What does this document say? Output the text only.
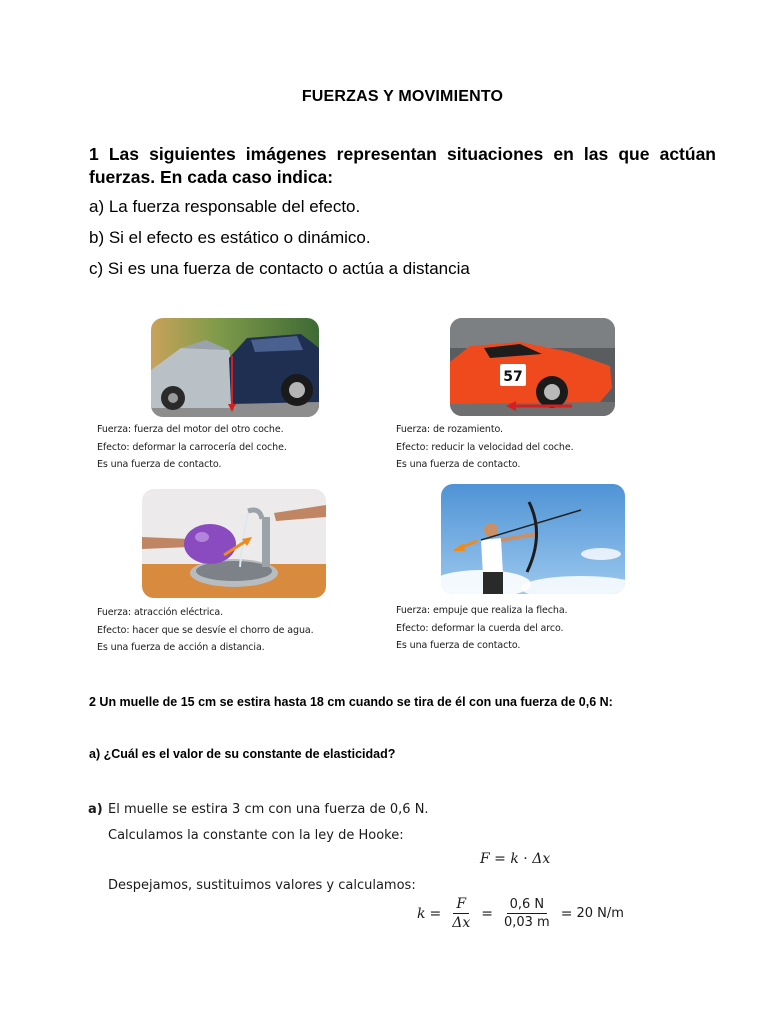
FUERZAS Y MOVIMIENTO
1 Las siguientes imágenes representan situaciones en las que actúan fuerzas. En cada caso indica:
a) La fuerza responsable del efecto.
b) Si el efecto es estático o dinámico.
c) Si es una fuerza de contacto o actúa a distancia
Fuerza: fuerza del motor del otro coche.
Efecto: deformar la carrocería del coche.
Es una fuerza de contacto.
57
Fuerza: de rozamiento.
Efecto: reducir la velocidad del coche.
Es una fuerza de contacto.
Fuerza: atracción eléctrica.
Efecto: hacer que se desvíe el chorro de agua.
Es una fuerza de acción a distancia.
Fuerza: empuje que realiza la flecha.
Efecto: deformar la cuerda del arco.
Es una fuerza de contacto.
2 Un muelle de 15 cm se estira hasta 18 cm cuando se tira de él con una fuerza de 0,6 N:
a) ¿Cuál es el valor de su constante de elasticidad?
a) El muelle se estira 3 cm con una fuerza de 0,6 N.
Calculamos la constante con la ley de Hooke:
F = k · Δx
Despejamos, sustituimos valores y calculamos:
$k = \frac{F}{\Delta x} = \frac{0,6 N}{0,03 m} = 20$ N/m
